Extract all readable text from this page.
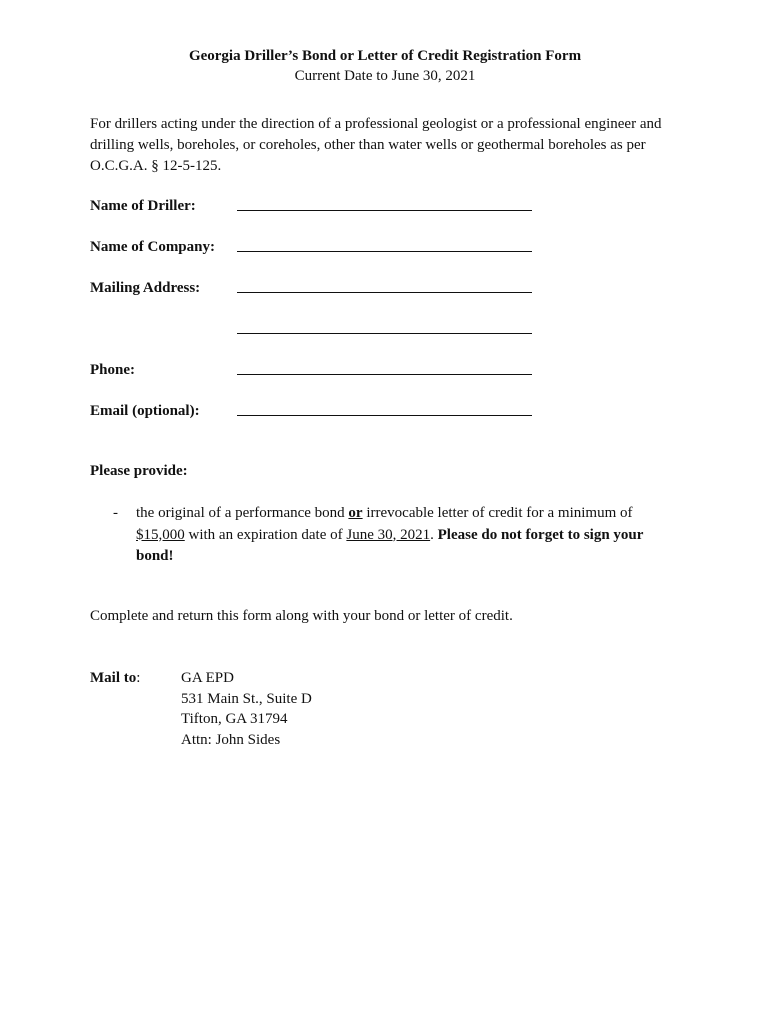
Georgia Driller’s Bond or Letter of Credit Registration Form
Current Date to June 30, 2021
For drillers acting under the direction of a professional geologist or a professional engineer and drilling wells, boreholes, or coreholes, other than water wells or geothermal boreholes as per O.C.G.A. § 12-5-125.
Name of Driller:
Name of Company:
Mailing Address:
Phone:
Email (optional):
Please provide:
- the original of a performance bond or irrevocable letter of credit for a minimum of $15,000 with an expiration date of June 30, 2021. Please do not forget to sign your bond!
Complete and return this form along with your bond or letter of credit.
Mail to:	GA EPD
531 Main St., Suite D
Tifton, GA 31794
Attn: John Sides
